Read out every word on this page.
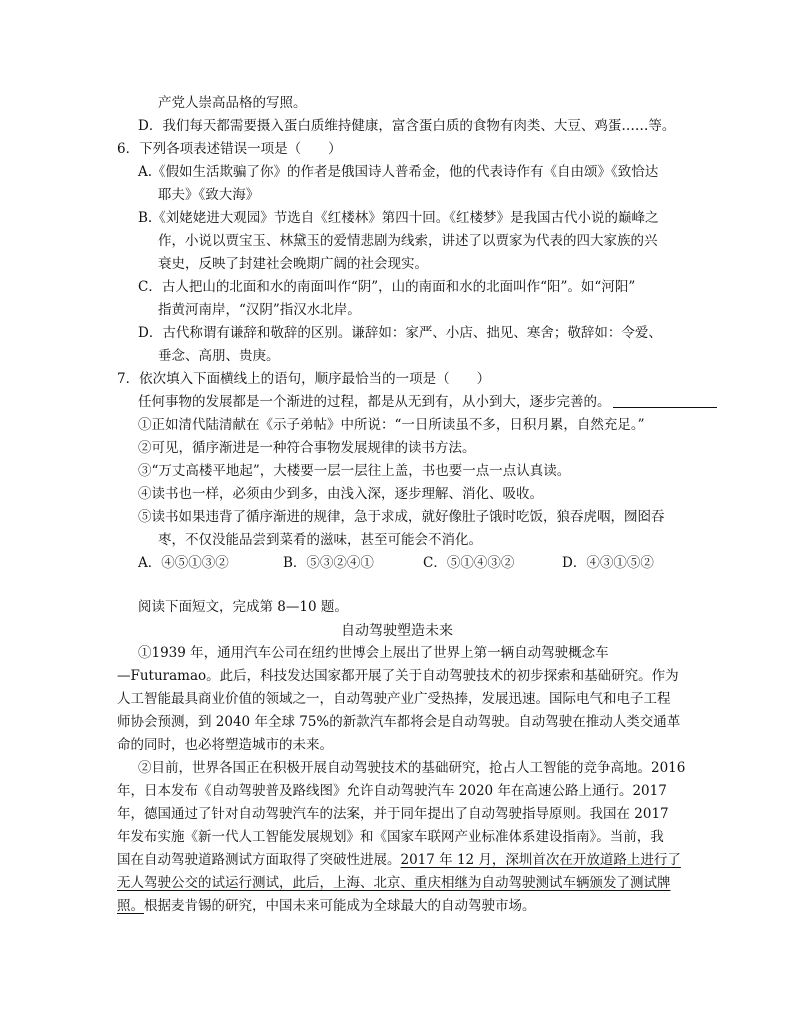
产党人崇高品格的写照。
D．我们每天都需要摄入蛋白质维持健康，富含蛋白质的食物有肉类、大豆、鸡蛋……等。
6．下列各项表述错误一项是（　　）
A.《假如生活欺骗了你》的作者是俄国诗人普希金，他的代表诗作有《自由颂》《致恰达
耶夫》《致大海》
B.《刘姥姥进大观园》节选自《红楼林》第四十回。《红楼梦》是我国古代小说的巅峰之
作，小说以贾宝玉、林黛玉的爱情悲剧为线索，讲述了以贾家为代表的四大家族的兴
衰史，反映了封建社会晚期广阔的社会现实。
C．古人把山的北面和水的南面叫作“阴”，山的南面和水的北面叫作“阳”。如“河阳”
指黄河南岸，“汉阴”指汉水北岸。
D．古代称谓有谦辞和敬辞的区别。谦辞如：家严、小店、拙见、寒舍；敬辞如：令爱、
垂念、高朋、贵庚。
7．依次填入下面横线上的语句，顺序最恰当的一项是（　　）
任何事物的发展都是一个渐进的过程，都是从无到有，从小到大，逐步完善的。
①正如清代陆清献在《示子弟帖》中所说：“一日所读虽不多，日积月累，自然充足。”
②可见，循序渐进是一种符合事物发展规律的读书方法。
③“万丈高楼平地起”，大楼要一层一层往上盖，书也要一点一点认真读。
④读书也一样，必须由少到多，由浅入深，逐步理解、消化、吸收。
⑤读书如果违背了循序渐进的规律，急于求成，就好像肚子饿时吃饭，狼吞虎咽，囫囵吞
枣，不仅没能品尝到菜肴的滋味，甚至可能会不消化。
A．④⑤①③②	B．⑤③②④①	C．⑤①④③②	D．④③①⑤②
阅读下面短文，完成第 8—10 题。
自动驾驶塑造未来
①1939 年，通用汽车公司在纽约世博会上展出了世界上第一辆自动驾驶概念车
—Futuramao。此后，科技发达国家都开展了关于自动驾驶技术的初步探索和基础研究。作为
人工智能最具商业价值的领域之一，自动驾驶产业广受热捧，发展迅速。国际电气和电子工程
师协会预测，到 2040 年全球 75%的新款汽车都将会是自动驾驶。自动驾驶在推动人类交通革
命的同时，也必将塑造城市的未来。
②目前，世界各国正在积极开展自动驾驶技术的基础研究，抢占人工智能的竞争高地。2016
年，日本发布《自动驾驶普及路线图》允许自动驾驶汽车 2020 年在高速公路上通行。2017
年，德国通过了针对自动驾驶汽车的法案，并于同年提出了自动驾驶指导原则。我国在 2017
年发布实施《新一代人工智能发展规划》和《国家车联网产业标准体系建设指南》。当前，我
国在自动驾驶道路测试方面取得了突破性进展。2017 年 12 月，深圳首次在开放道路上进行了
无人驾驶公交的试运行测试，此后，上海、北京、重庆相继为自动驾驶测试车辆颁发了测试牌
照。根据麦肯锡的研究，中国未来可能成为全球最大的自动驾驶市场。
